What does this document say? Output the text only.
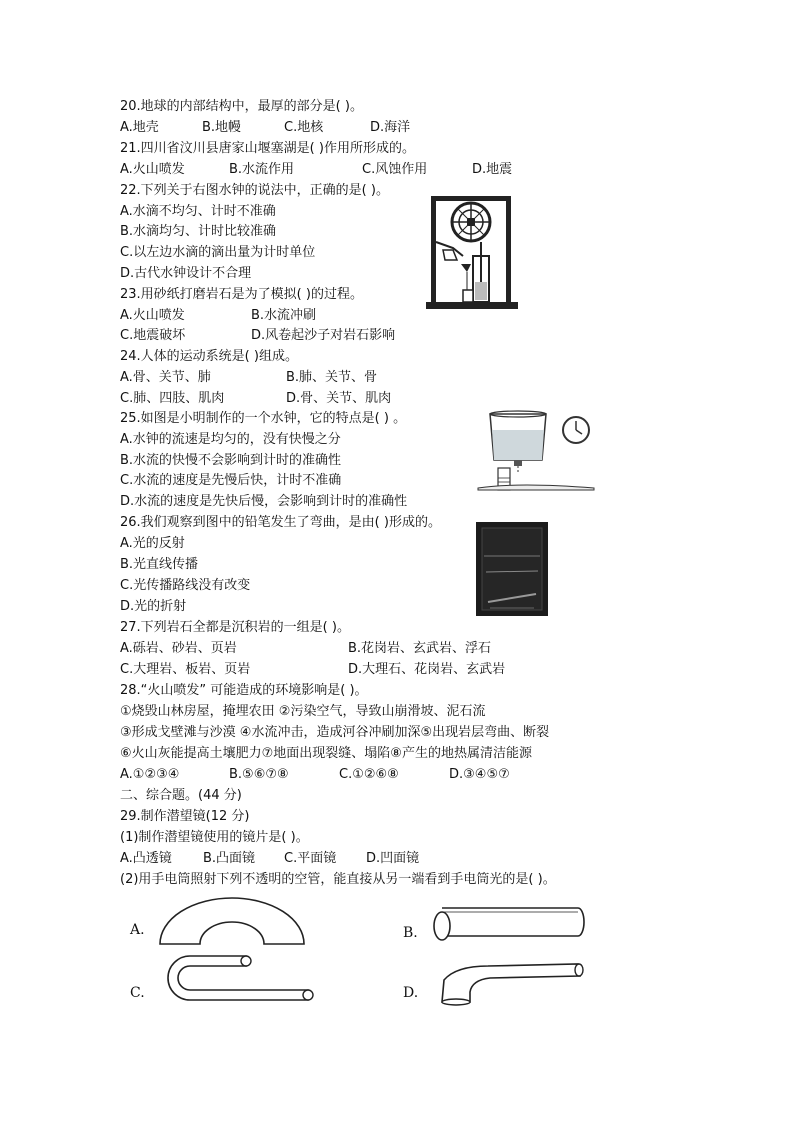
20.地球的内部结构中，最厚的部分是( )。
A.地壳	B.地幔	C.地核	D.海洋
21.四川省汶川县唐家山堰塞湖是( )作用所形成的。
A.火山喷发	B.水流作用	C.风蚀作用	D.地震
22.下列关于右图水钟的说法中，正确的是( )。
A.水滴不均匀、计时不准确
B.水滴均匀、计时比较准确
C.以左边水滴的滴出量为计时单位
D.古代水钟设计不合理
23.用砂纸打磨岩石是为了模拟( )的过程。
A.火山喷发	B.水流冲刷
C.地震破坏	D.风卷起沙子对岩石影响
24.人体的运动系统是( )组成。
A.骨、关节、肺	B.肺、关节、骨
C.肺、四肢、肌肉	D.骨、关节、肌肉
25.如图是小明制作的一个水钟，它的特点是( ) 。
A.水钟的流速是均匀的，没有快慢之分
B.水流的快慢不会影响到计时的准确性
C.水流的速度是先慢后快，计时不准确
D.水流的速度是先快后慢，会影响到计时的准确性
26.我们观察到图中的铅笔发生了弯曲，是由( )形成的。
A.光的反射
B.光直线传播
C.光传播路线没有改变
D.光的折射
27.下列岩石全都是沉积岩的一组是( )。
A.砾岩、砂岩、页岩	B.花岗岩、玄武岩、浮石
C.大理岩、板岩、页岩	D.大理石、花岗岩、玄武岩
28.“火山喷发” 可能造成的环境影响是( )。
①烧毁山林房屋，掩埋农田 ②污染空气，导致山崩滑坡、泥石流
③形成戈壁滩与沙漠 ④水流冲击，造成河谷冲刷加深⑤出现岩层弯曲、断裂
⑥火山灰能提高土壤肥力⑦地面出现裂缝、塌陷⑧产生的地热属清洁能源
A.①②③④	B.⑤⑥⑦⑧	C.①②⑥⑧	D.③④⑤⑦
二、综合题。(44 分)
29.制作潜望镜(12 分)
(1)制作潜望镜使用的镜片是( )。
A.凸透镜 B.凸面镜 C.平面镜 D.凹面镜
(2)用手电筒照射下列不透明的空管，能直接从另一端看到手电筒光的是( )。
A.	B.
C.	D.
